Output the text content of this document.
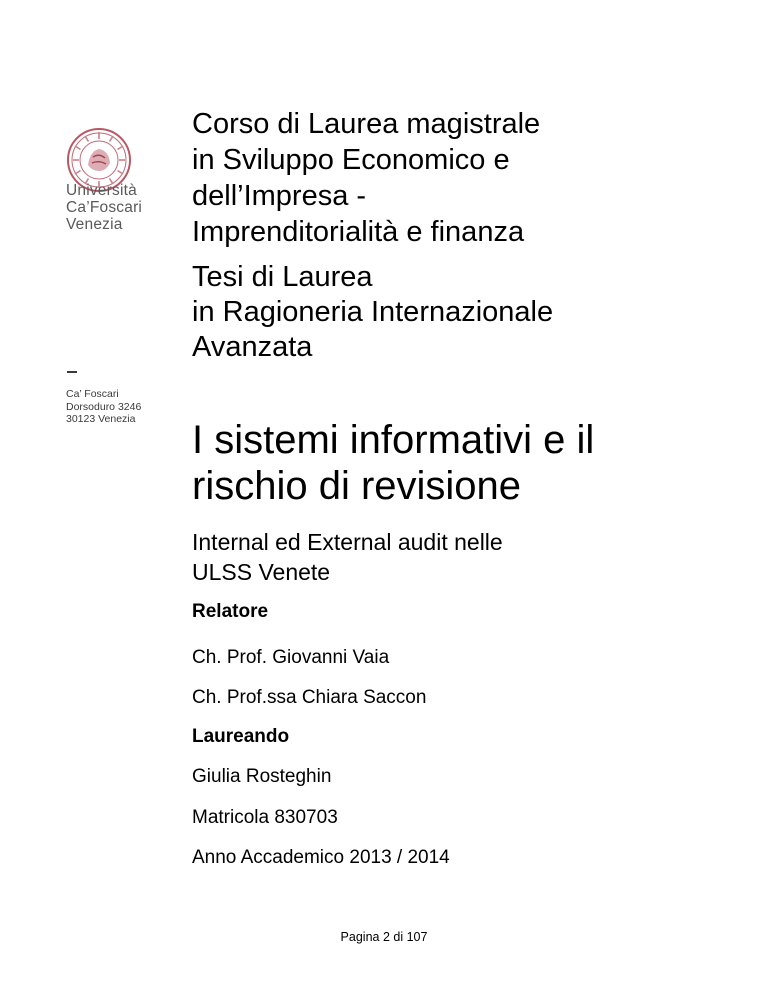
Università
Ca’Foscari
Venezia
Ca’ Foscari
Dorsoduro 3246
30123 Venezia
Corso di Laurea magistrale
in Sviluppo Economico e
dell’Impresa -
Imprenditorialità e finanza
Tesi di Laurea
in Ragioneria Internazionale
Avanzata
I sistemi informativi e il
rischio di revisione
Internal ed External audit nelle
ULSS Venete
Relatore
Ch. Prof. Giovanni Vaia
Ch. Prof.ssa Chiara Saccon
Laureando
Giulia Rosteghin
Matricola 830703
Anno Accademico 2013 / 2014
Pagina 2 di 107
